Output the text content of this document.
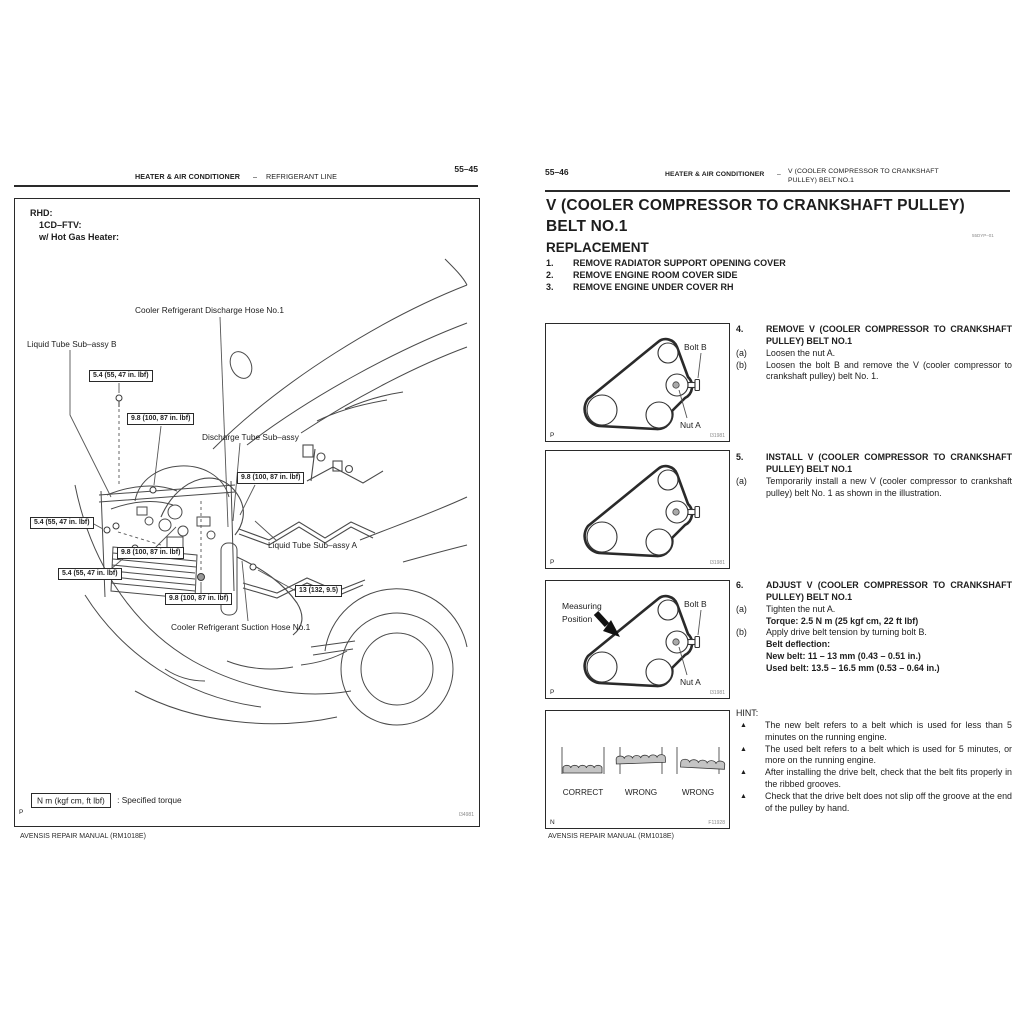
55–45
HEATER & AIR CONDITIONER – REFRIGERANT LINE
RHD:
1CD–FTV:
w/ Hot Gas Heater:
Cooler Refrigerant Discharge Hose No.1
Liquid Tube Sub–assy B
Discharge Tube Sub–assy
Liquid Tube Sub–assy A
Cooler Refrigerant Suction Hose No.1
5.4 (55, 47 in. lbf)
9.8 (100, 87 in. lbf)
9.8 (100, 87 in. lbf)
5.4 (55, 47 in. lbf)
9.8 (100, 87 in. lbf)
5.4 (55, 47 in. lbf)
9.8 (100, 87 in. lbf)
13 (132, 9.5)
N m (kgf cm, ft lbf) : Specified torque
P	I34981
AVENSIS REPAIR MANUAL (RM1018E)
55–46	HEATER & AIR CONDITIONER – V (COOLER COMPRESSOR TO CRANKSHAFT
PULLEY) BELT NO.1
V (COOLER COMPRESSOR TO CRANKSHAFT PULLEY)
BELT NO.1
55DYP–01
REPLACEMENT
1.	REMOVE RADIATOR SUPPORT OPENING COVER
2.	REMOVE ENGINE ROOM COVER SIDE
3.	REMOVE ENGINE UNDER COVER RH
Bolt B
Nut A
P	I31981
P	I31981
Measuring
Position
Bolt B
Nut A
P	I31981
CORRECT	WRONG	WRONG
N	F11928
4.	REMOVE V (COOLER COMPRESSOR TO CRANKSHAFT PULLEY) BELT NO.1
(a)	Loosen the nut A.
(b)	Loosen the bolt B and remove the V (cooler compressor to crankshaft pulley) belt No. 1.
5.	INSTALL V (COOLER COMPRESSOR TO CRANKSHAFT PULLEY) BELT NO.1
(a)	Temporarily install a new V (cooler compressor to crankshaft pulley) belt No. 1 as shown in the illustration.
6.	ADJUST V (COOLER COMPRESSOR TO CRANKSHAFT PULLEY) BELT NO.1
(a)	Tighten the nut A.
Torque: 2.5 N m (25 kgf cm, 22 ft lbf)
(b)	Apply drive belt tension by turning bolt B.
Belt deflection:
New belt: 11 – 13 mm (0.43 – 0.51 in.)
Used belt: 13.5 – 16.5 mm (0.53 – 0.64 in.)
HINT:
▲	The new belt refers to a belt which is used for less than 5 minutes on the running engine.
▲	The used belt refers to a belt which is used for 5 minutes, or more on the running engine.
▲	After installing the drive belt, check that the belt fits properly in the ribbed grooves.
▲	Check that the drive belt does not slip off the groove at the end of the pulley by hand.
AVENSIS REPAIR MANUAL (RM1018E)
